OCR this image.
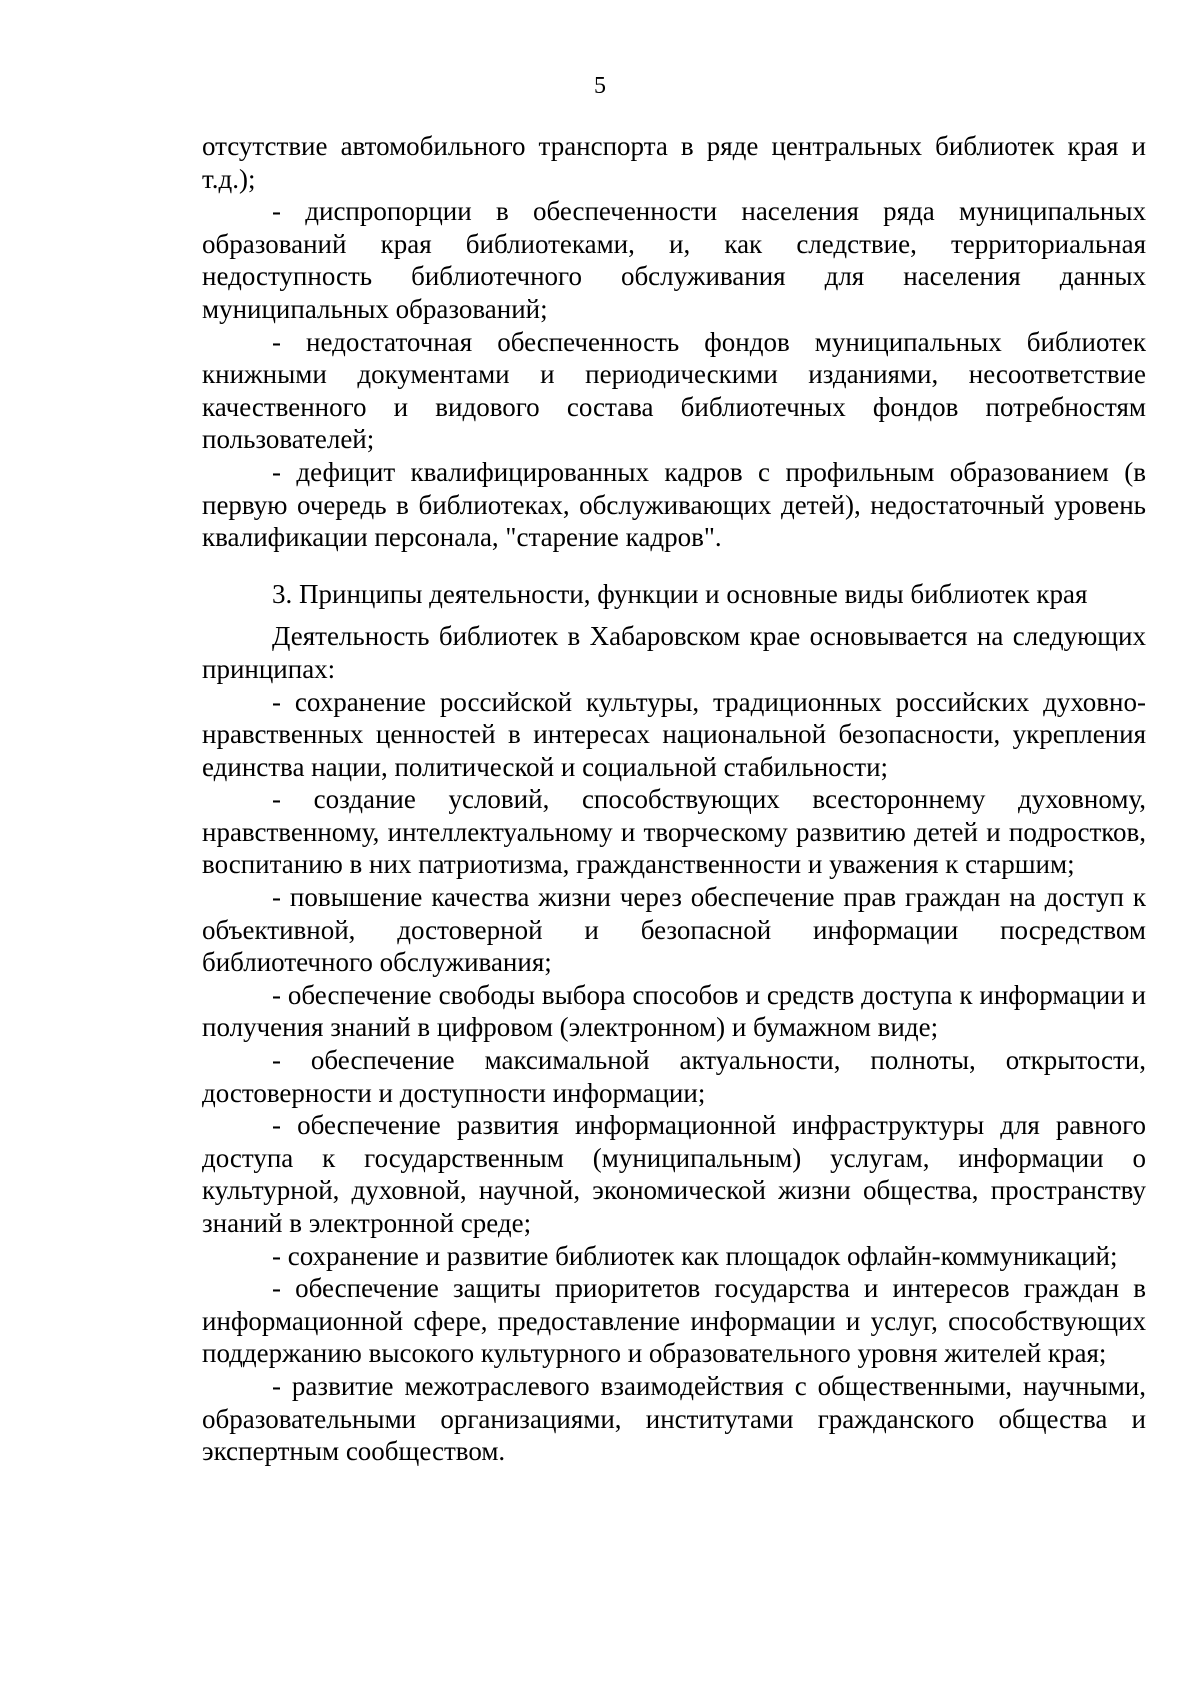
5

отсутствие автомобильного транспорта в ряде центральных библиотек края и т.д.);

- диспропорции в обеспеченности населения ряда муниципальных образований края библиотеками, и, как следствие, территориальная недоступность библиотечного обслуживания для населения данных муниципальных образований;

- недостаточная обеспеченность фондов муниципальных библиотек книжными документами и периодическими изданиями, несоответствие качественного и видового состава библиотечных фондов потребностям пользователей;

- дефицит квалифицированных кадров с профильным образованием (в первую очередь в библиотеках, обслуживающих детей), недостаточный уровень квалификации персонала, "старение кадров".

3. Принципы деятельности, функции и основные виды библиотек края

Деятельность библиотек в Хабаровском крае основывается на следующих принципах:

- сохранение российской культуры, традиционных российских духовно-нравственных ценностей в интересах национальной безопасности, укрепления единства нации, политической и социальной стабильности;

- создание условий, способствующих всестороннему духовному, нравственному, интеллектуальному и творческому развитию детей и подростков, воспитанию в них патриотизма, гражданственности и уважения к старшим;

- повышение качества жизни через обеспечение прав граждан на доступ к объективной, достоверной и безопасной информации посредством библиотечного обслуживания;

- обеспечение свободы выбора способов и средств доступа к информации и получения знаний в цифровом (электронном) и бумажном виде;

- обеспечение максимальной актуальности, полноты, открытости, достоверности и доступности информации;

- обеспечение развития информационной инфраструктуры для равного доступа к государственным (муниципальным) услугам, информации о культурной, духовной, научной, экономической жизни общества, пространству знаний в электронной среде;

- сохранение и развитие библиотек как площадок офлайн-коммуникаций;

- обеспечение защиты приоритетов государства и интересов граждан в информационной сфере, предоставление информации и услуг, способствующих поддержанию высокого культурного и образовательного уровня жителей края;

- развитие межотраслевого взаимодействия с общественными, научными, образовательными организациями, институтами гражданского общества и экспертным сообществом.
